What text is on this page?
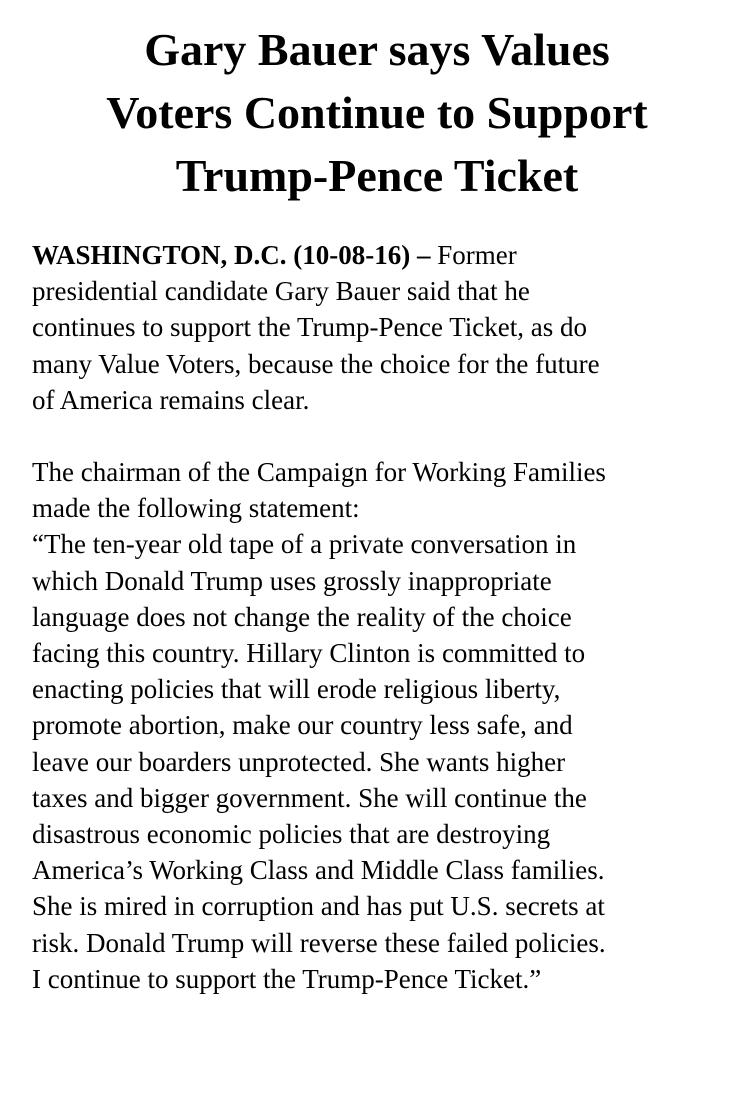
Gary Bauer says Values
Voters Continue to Support
Trump-Pence Ticket

WASHINGTON, D.C. (10-08-16) – Former
presidential candidate Gary Bauer said that he
continues to support the Trump-Pence Ticket, as do
many Value Voters, because the choice for the future
of America remains clear.

The chairman of the Campaign for Working Families
made the following statement:

“The ten-year old tape of a private conversation in
which Donald Trump uses grossly inappropriate
language does not change the reality of the choice
facing this country. Hillary Clinton is committed to
enacting policies that will erode religious liberty,
promote abortion, make our country less safe, and
leave our boarders unprotected. She wants higher
taxes and bigger government. She will continue the
disastrous economic policies that are destroying
America’s Working Class and Middle Class families.
She is mired in corruption and has put U.S. secrets at
risk. Donald Trump will reverse these failed policies.
I continue to support the Trump-Pence Ticket.”
